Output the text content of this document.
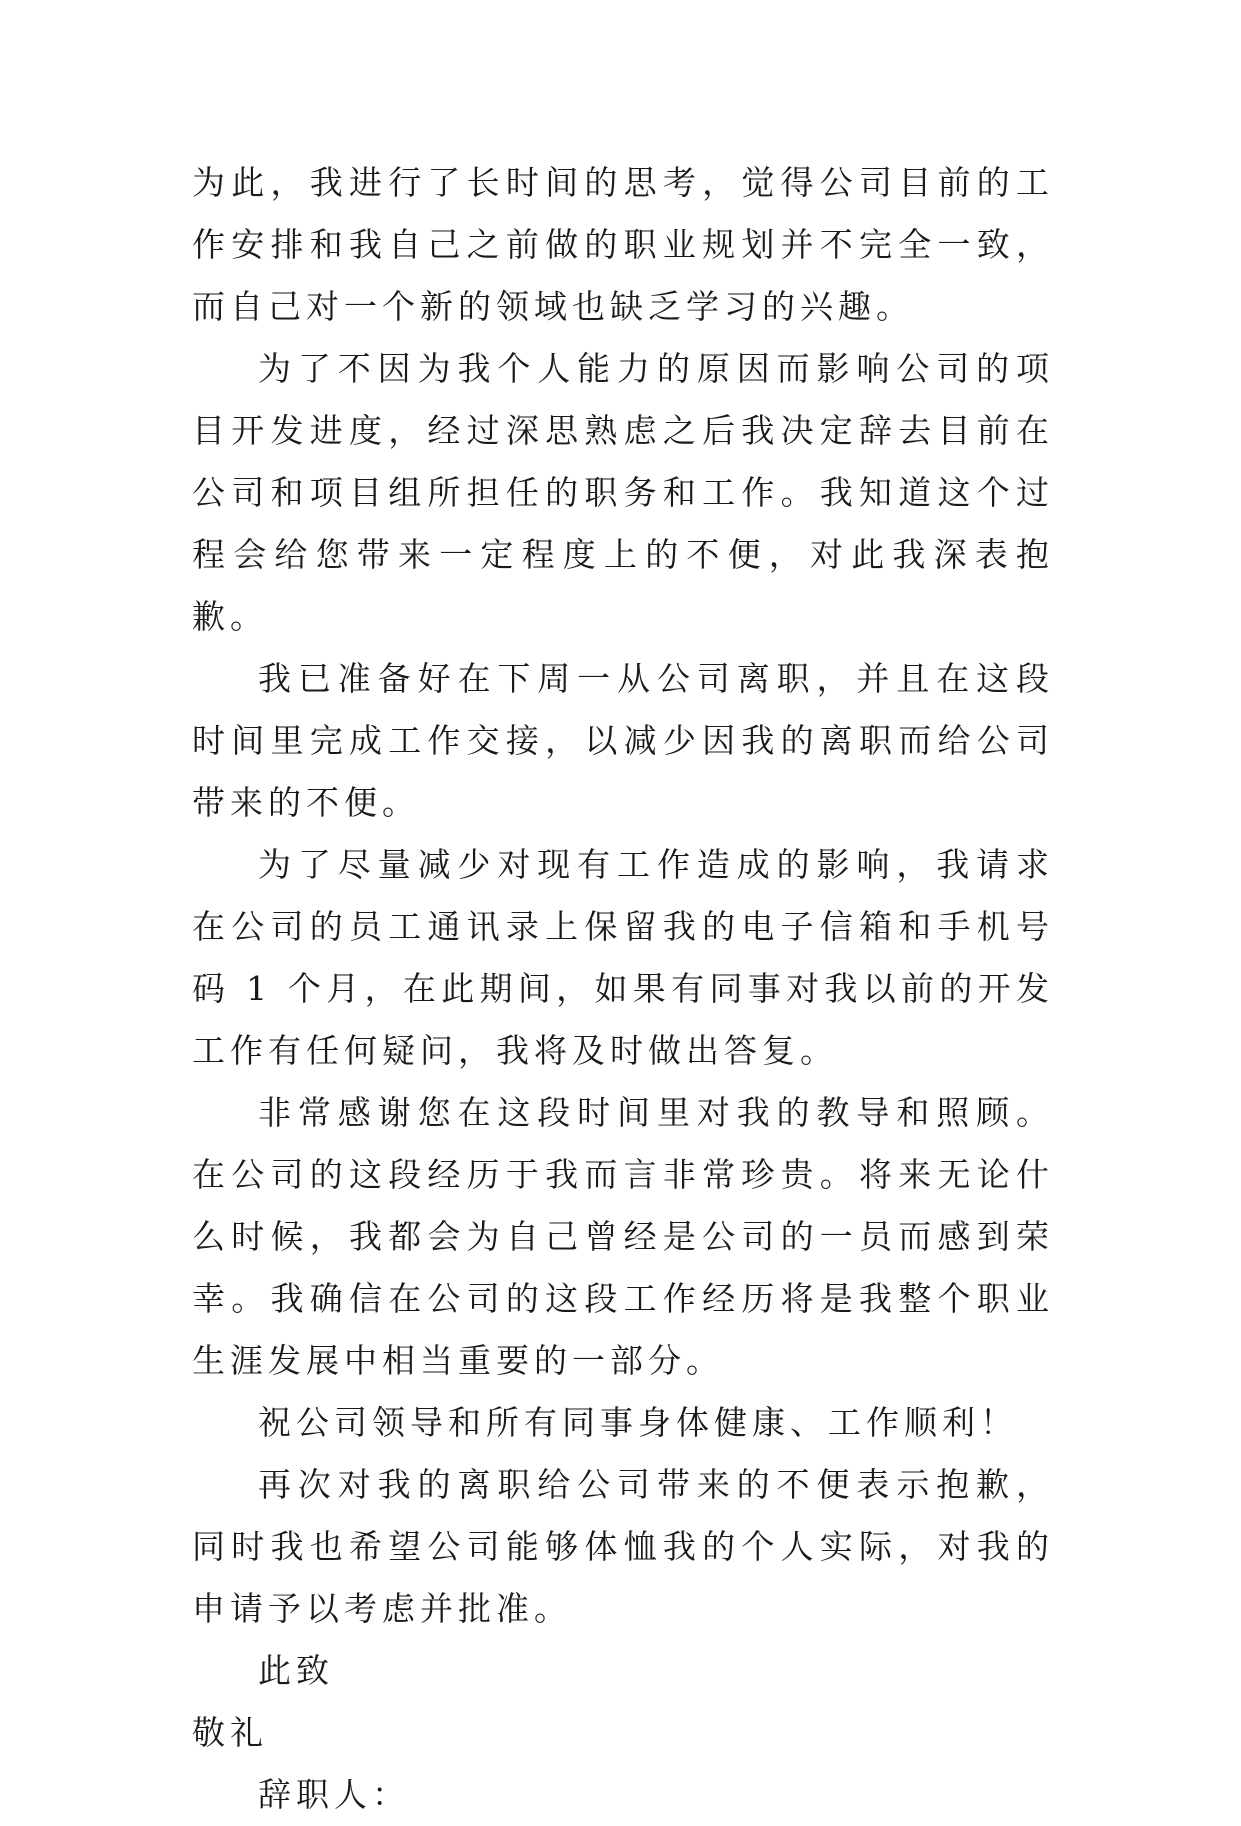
为此，我进行了长时间的思考，觉得公司目前的工作安排和我自己之前做的职业规划并不完全一致，而自己对一个新的领域也缺乏学习的兴趣。

为了不因为我个人能力的原因而影响公司的项目开发进度，经过深思熟虑之后我决定辞去目前在公司和项目组所担任的职务和工作。我知道这个过程会给您带来一定程度上的不便，对此我深表抱歉。

我已准备好在下周一从公司离职，并且在这段时间里完成工作交接，以减少因我的离职而给公司带来的不便。

为了尽量减少对现有工作造成的影响，我请求在公司的员工通讯录上保留我的电子信箱和手机号码 1 个月，在此期间，如果有同事对我以前的开发工作有任何疑问，我将及时做出答复。

非常感谢您在这段时间里对我的教导和照顾。在公司的这段经历于我而言非常珍贵。将来无论什么时候，我都会为自己曾经是公司的一员而感到荣幸。我确信在公司的这段工作经历将是我整个职业生涯发展中相当重要的一部分。

祝公司领导和所有同事身体健康、工作顺利！

再次对我的离职给公司带来的不便表示抱歉，同时我也希望公司能够体恤我的个人实际，对我的申请予以考虑并批准。

此致

敬礼

辞职人：
